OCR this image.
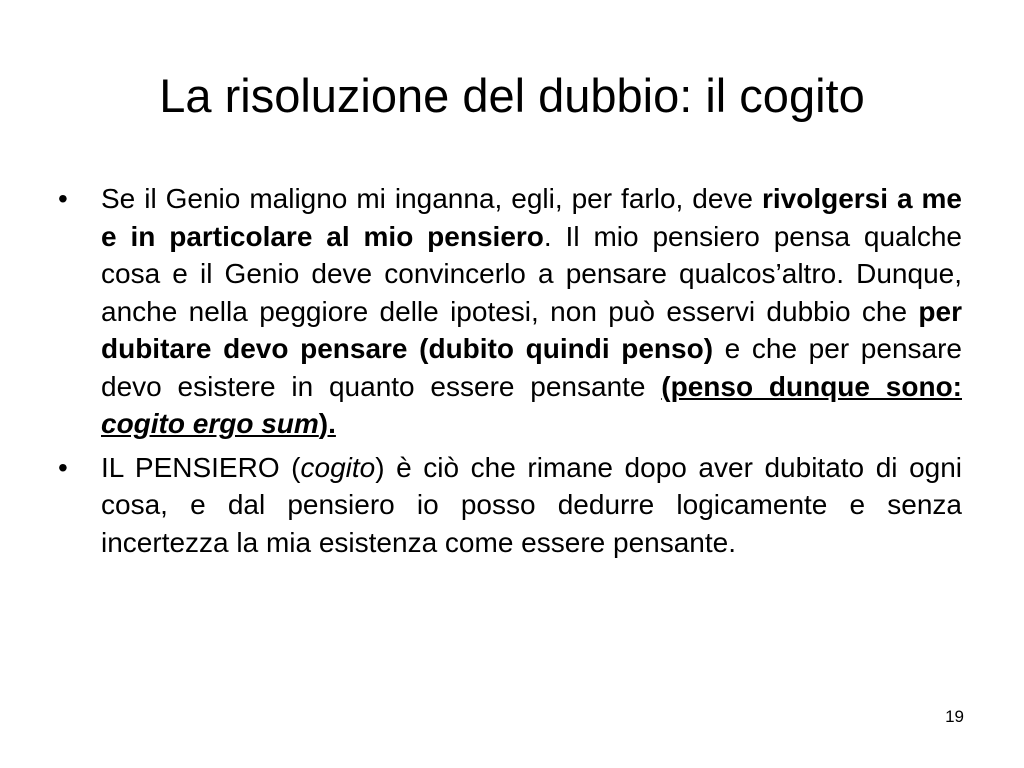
La risoluzione del dubbio: il cogito
•	Se il Genio maligno mi inganna, egli, per farlo, deve rivolgersi a me e in particolare al mio pensiero. Il mio pensiero pensa qualche cosa e il Genio deve convincerlo a pensare qualcos’altro. Dunque, anche nella peggiore delle ipotesi, non può esservi dubbio che per dubitare devo pensare (dubito quindi penso) e che per pensare devo esistere in quanto essere pensante (penso dunque sono: cogito ergo sum).
•	IL PENSIERO (cogito) è ciò che rimane dopo aver dubitato di ogni cosa, e dal pensiero io posso dedurre logicamente e senza incertezza la mia esistenza come essere pensante.
19
